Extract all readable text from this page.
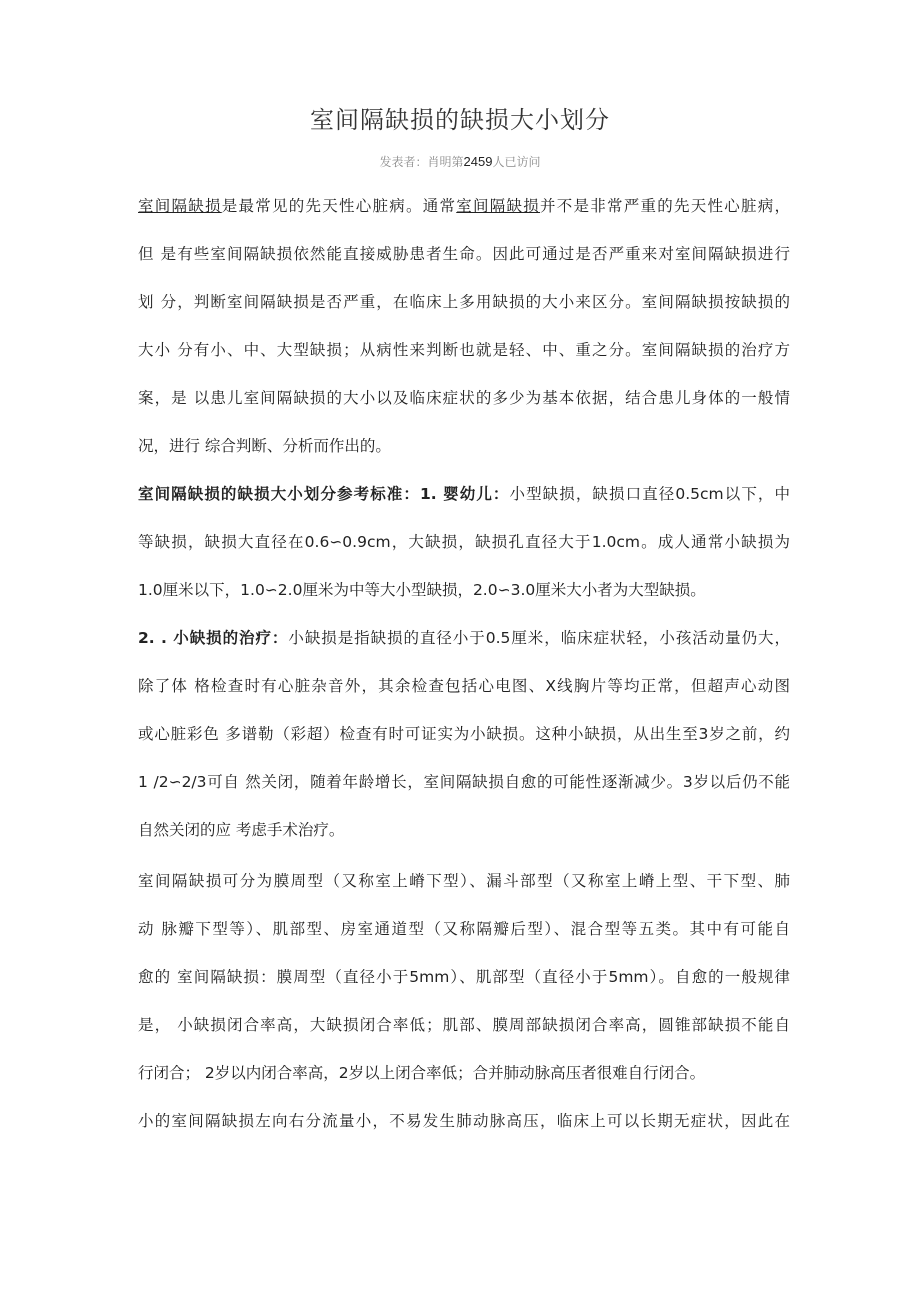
室间隔缺损的缺损大小划分
发表者：肖明第2459人已访问
室间隔缺损是最常见的先天性心脏病。通常室间隔缺损并不是非常严重的先天性心脏病，
但 是有些室间隔缺损依然能直接威胁患者生命。因此可通过是否严重来对室间隔缺损进行
划 分，判断室间隔缺损是否严重，在临床上多用缺损的大小来区分。室间隔缺损按缺损的
大小 分有小、中、大型缺损；从病性来判断也就是轻、中、重之分。室间隔缺损的治疗方
案，是 以患儿室间隔缺损的大小以及临床症状的多少为基本依据，结合患儿身体的一般情
况，进行 综合判断、分析而作出的。
室间隔缺损的缺损大小划分参考标准：1. 婴幼儿：小型缺损，缺损口直径0.5cm以下，中
等缺损，缺损大直径在0.6∽0.9cm，大缺损，缺损孔直径大于1.0cm。成人通常小缺损为
1.0厘米以下，1.0∽2.0厘米为中等大小型缺损，2.0∽3.0厘米大小者为大型缺损。
2. . 小缺损的治疗：小缺损是指缺损的直径小于0.5厘米，临床症状轻，小孩活动量仍大，
除了体 格检查时有心脏杂音外，其余检查包括心电图、X线胸片等均正常，但超声心动图
或心脏彩色 多谱勒（彩超）检查有时可证实为小缺损。这种小缺损，从出生至3岁之前，约
1 /2∽2/3可自 然关闭，随着年龄增长，室间隔缺损自愈的可能性逐渐减少。3岁以后仍不能
自然关闭的应 考虑手术治疗。
室间隔缺损可分为膜周型（又称室上嵴下型）、漏斗部型（又称室上嵴上型、干下型、肺
动 脉瓣下型等）、肌部型、房室通道型（又称隔瓣后型）、混合型等五类。其中有可能自
愈的 室间隔缺损：膜周型（直径小于5mm）、肌部型（直径小于5mm）。自愈的一般规律
是， 小缺损闭合率高，大缺损闭合率低；肌部、膜周部缺损闭合率高，圆锥部缺损不能自
行闭合； 2岁以内闭合率高，2岁以上闭合率低；合并肺动脉高压者很难自行闭合。
小的室间隔缺损左向右分流量小，不易发生肺动脉高压，临床上可以长期无症状，因此在
